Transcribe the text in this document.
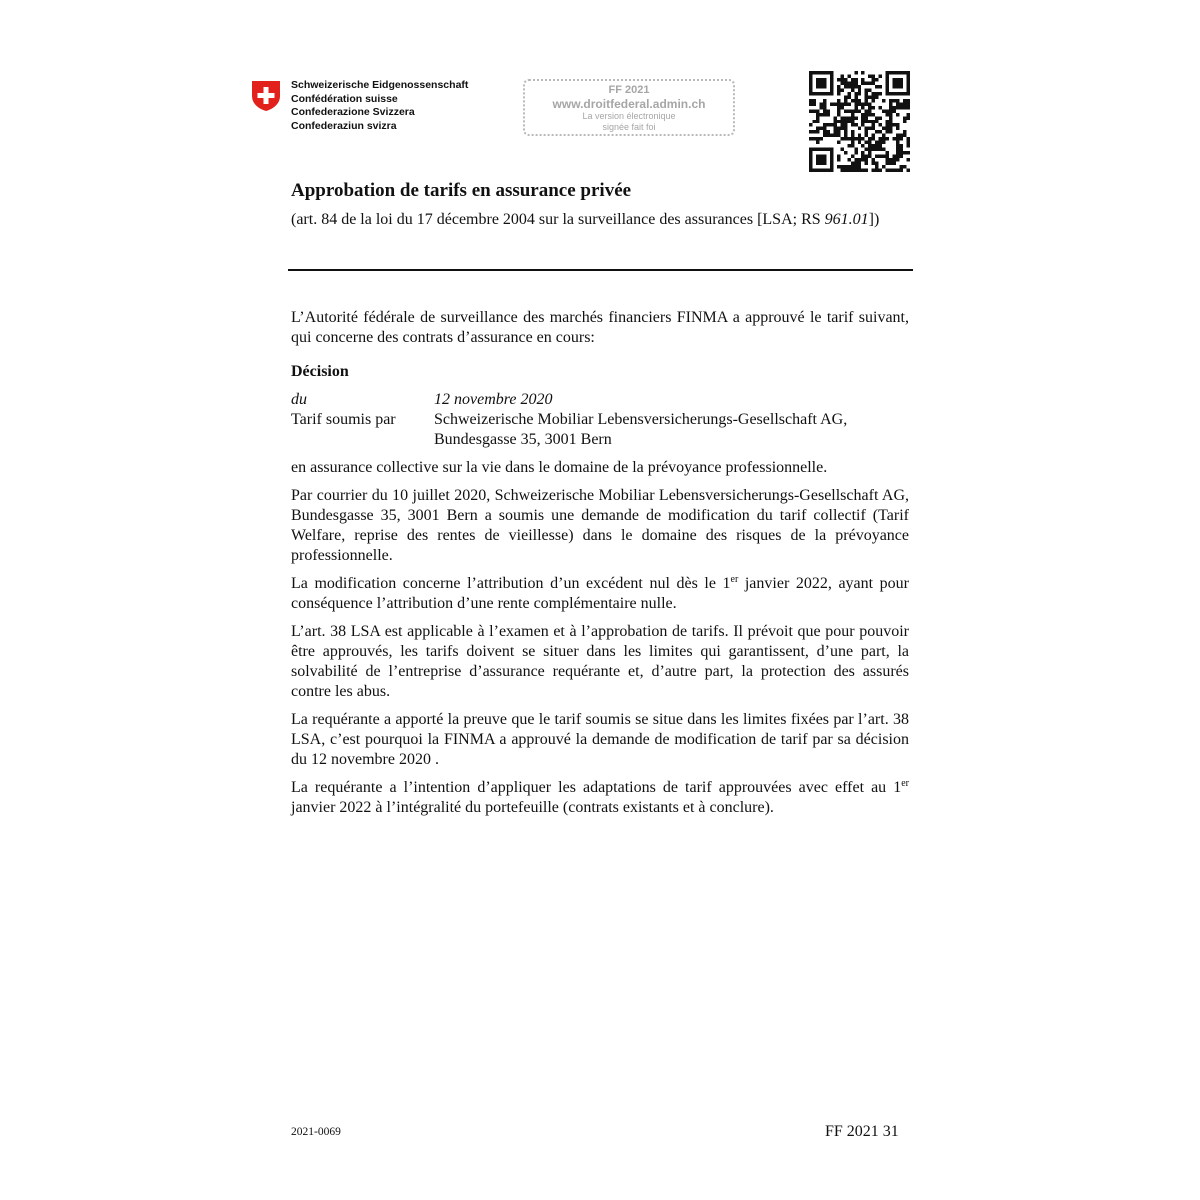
Schweizerische Eidgenossenschaft
Confédération suisse
Confederazione Svizzera
Confederaziun svizra
FF 2021
www.droitfederal.admin.ch
La version électronique
signée fait foi
Approbation de tarifs en assurance privée

(art. 84 de la loi du 17 décembre 2004 sur la surveillance des assurances [LSA; RS 961.01])

L’Autorité fédérale de surveillance des marchés financiers FINMA a approuvé le tarif suivant, qui concerne des contrats d’assurance en cours:

Décision
du	12 novembre 2020
Tarif soumis par	Schweizerische Mobiliar Lebensversicherungs-Gesellschaft AG, Bundesgasse 35, 3001 Bern

en assurance collective sur la vie dans le domaine de la prévoyance professionnelle.

Par courrier du 10 juillet 2020, Schweizerische Mobiliar Lebensversicherungs-Gesellschaft AG, Bundesgasse 35, 3001 Bern a soumis une demande de modification du tarif collectif (Tarif Welfare, reprise des rentes de vieillesse) dans le domaine des risques de la prévoyance professionnelle.

La modification concerne l’attribution d’un excédent nul dès le 1er janvier 2022, ayant pour conséquence l’attribution d’une rente complémentaire nulle.

L’art. 38 LSA est applicable à l’examen et à l’approbation de tarifs. Il prévoit que pour pouvoir être approuvés, les tarifs doivent se situer dans les limites qui garantissent, d’une part, la solvabilité de l’entreprise d’assurance requérante et, d’autre part, la protection des assurés contre les abus.

La requérante a apporté la preuve que le tarif soumis se situe dans les limites fixées par l’art. 38 LSA, c’est pourquoi la FINMA a approuvé la demande de modification de tarif par sa décision du 12 novembre 2020 .

La requérante a l’intention d’appliquer les adaptations de tarif approuvées avec effet au 1er janvier 2022 à l’intégralité du portefeuille (contrats existants et à conclure).

2021-0069	FF 2021 31
